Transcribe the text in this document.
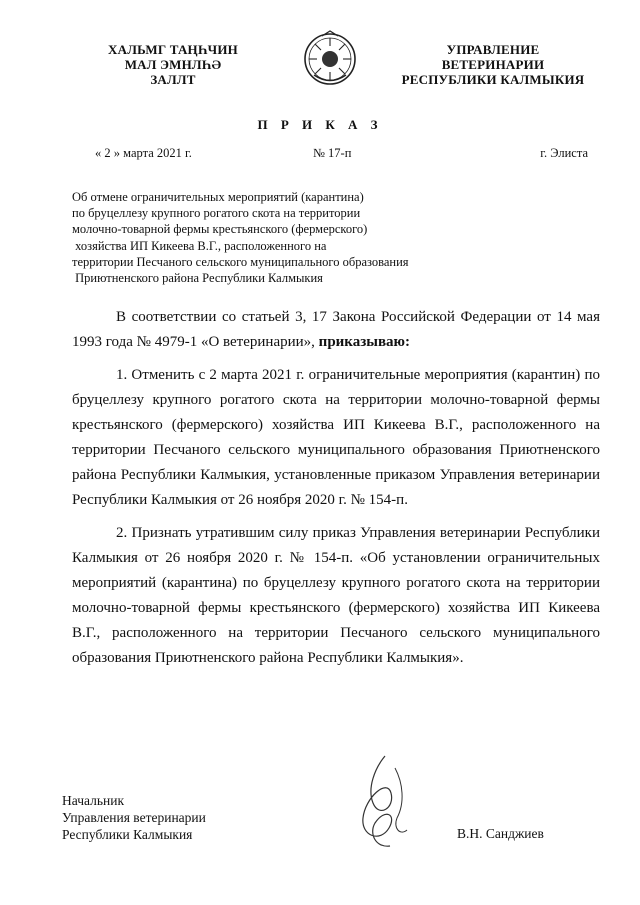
ХАЛЬМГ ТАҢҺЧИН
МАЛ ЭМНЛҺӘ
ЗАЛЛТ
УПРАВЛЕНИЕ
ВЕТЕРИНАРИИ
РЕСПУБЛИКИ КАЛМЫКИЯ
П Р И К А З
« 2 » марта 2021 г.	№ 17-п	г. Элиста
Об отмене ограничительных мероприятий (карантина)
по бруцеллезу крупного рогатого скота на территории
молочно-товарной фермы крестьянского (фермерского)
хозяйства ИП Кикеева В.Г., расположенного на
территории Песчаного сельского муниципального образования
Приютненского района Республики Калмыкия

В соответствии со статьей 3, 17 Закона Российской Федерации от 14 мая 1993 года № 4979-1 «О ветеринарии», приказываю:

1. Отменить с 2 марта 2021 г. ограничительные мероприятия (карантин) по бруцеллезу крупного рогатого скота на территории молочно-товарной фермы крестьянского (фермерского) хозяйства ИП Кикеева В.Г., расположенного на территории Песчаного сельского муниципального образования Приютненского района Республики Калмыкия, установленные приказом Управления ветеринарии Республики Калмыкия от 26 ноября 2020 г. № 154-п.

2. Признать утратившим силу приказ Управления ветеринарии Республики Калмыкия от 26 ноября 2020 г. № 154-п. «Об установлении ограничительных мероприятий (карантина) по бруцеллезу крупного рогатого скота на территории молочно-товарной фермы крестьянского (фермерского) хозяйства ИП Кикеева В.Г., расположенного на территории Песчаного сельского муниципального образования Приютненского района Республики Калмыкия».

Начальник
Управления ветеринарии
Республики Калмыкия	В.Н. Санджиев
